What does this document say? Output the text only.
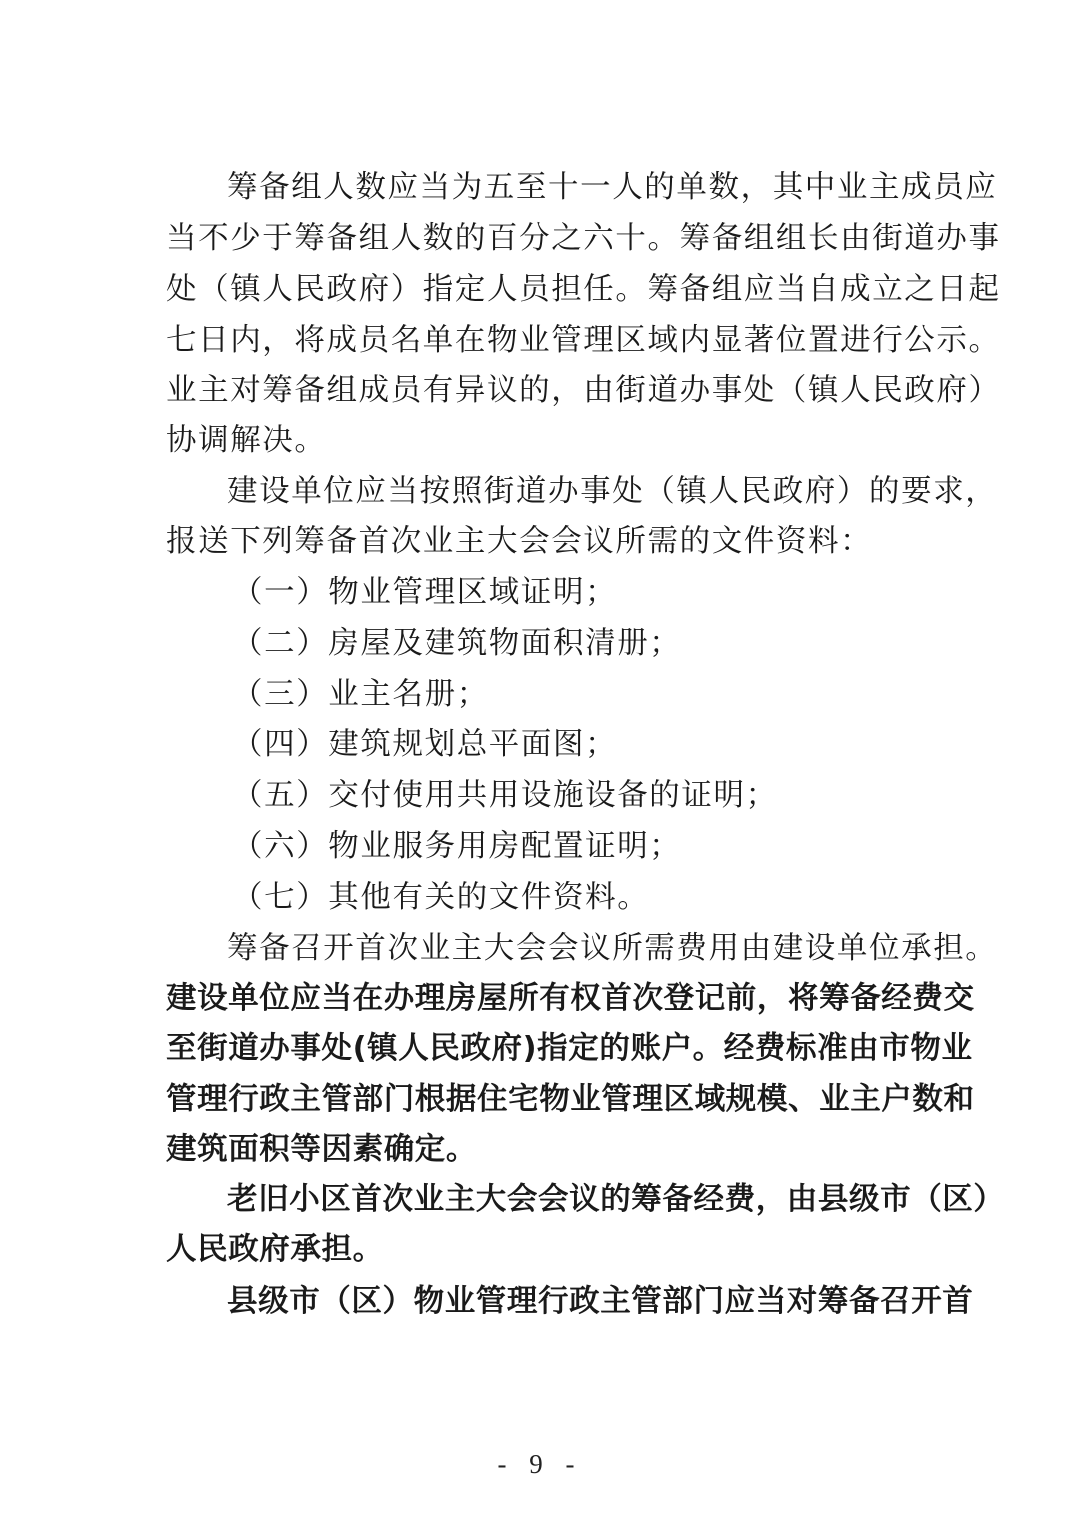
筹备组人数应当为五至十一人的单数，其中业主成员应
当不少于筹备组人数的百分之六十。筹备组组长由街道办事
处（镇人民政府）指定人员担任。筹备组应当自成立之日起
七日内，将成员名单在物业管理区域内显著位置进行公示。
业主对筹备组成员有异议的，由街道办事处（镇人民政府）
协调解决。
建设单位应当按照街道办事处（镇人民政府）的要求，
报送下列筹备首次业主大会会议所需的文件资料：
（一）物业管理区域证明；
（二）房屋及建筑物面积清册；
（三）业主名册；
（四）建筑规划总平面图；
（五）交付使用共用设施设备的证明；
（六）物业服务用房配置证明；
（七）其他有关的文件资料。
筹备召开首次业主大会会议所需费用由建设单位承担。
建设单位应当在办理房屋所有权首次登记前，将筹备经费交
至街道办事处(镇人民政府)指定的账户。经费标准由市物业
管理行政主管部门根据住宅物业管理区域规模、业主户数和
建筑面积等因素确定。
老旧小区首次业主大会会议的筹备经费，由县级市（区）
人民政府承担。
县级市（区）物业管理行政主管部门应当对筹备召开首
- 9 -
